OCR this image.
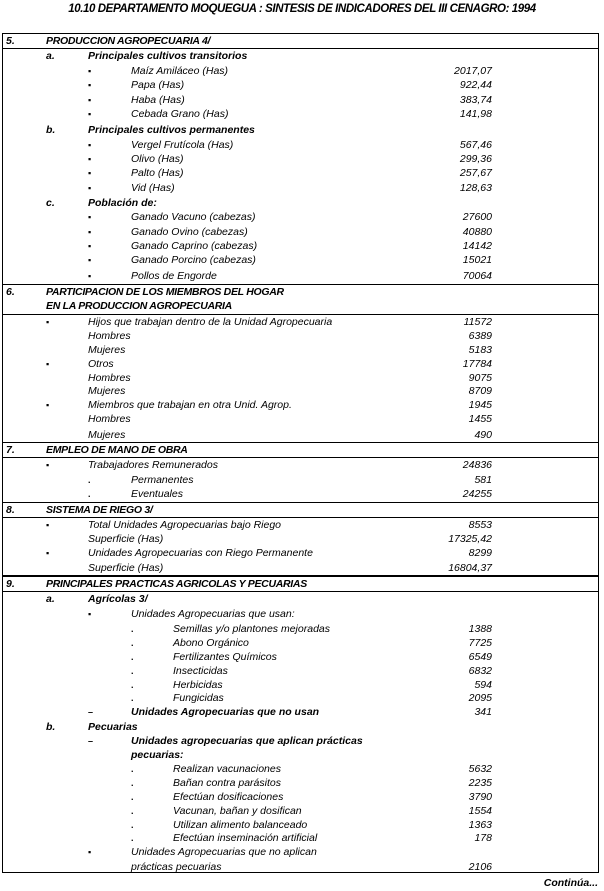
10.10 DEPARTAMENTO MOQUEGUA : SINTESIS DE INDICADORES DEL III CENAGRO: 1994
5.	PRODUCCION AGROPECUARIA 4/
a.	Principales cultivos transitorios
▪	Maíz Amiláceo (Has)	2017,07
▪	Papa (Has)	922,44
▪	Haba (Has)	383,74
▪	Cebada Grano (Has)	141,98
b.	Principales cultivos permanentes
▪	Vergel Frutícola (Has)	567,46
▪	Olivo (Has)	299,36
▪	Palto (Has)	257,67
▪	Vid (Has)	128,63
c.	Población de:
▪	Ganado Vacuno (cabezas)	27600
▪	Ganado Ovino (cabezas)	40880
▪	Ganado Caprino (cabezas)	14142
▪	Ganado Porcino (cabezas)	15021
▪	Pollos de Engorde	70064
6.	PARTICIPACION DE LOS MIEMBROS DEL HOGAR
EN LA PRODUCCION AGROPECUARIA
▪	Hijos que trabajan dentro de la Unidad Agropecuaria	11572
Hombres	6389
Mujeres	5183
▪	Otros	17784
Hombres	9075
Mujeres	8709
▪	Miembros que trabajan en otra Unid. Agrop.	1945
Hombres	1455
Mujeres	490
7.	EMPLEO DE MANO DE OBRA
▪	Trabajadores Remunerados	24836
.	Permanentes	581
.	Eventuales	24255
8.	SISTEMA DE RIEGO 3/
▪	Total Unidades Agropecuarias bajo Riego	8553
Superficie (Has)	17325,42
▪	Unidades Agropecuarias con Riego Permanente	8299
Superficie (Has)	16804,37
9.	PRINCIPALES PRACTICAS AGRICOLAS Y PECUARIAS
a.	Agrícolas 3/
▪	Unidades Agropecuarias que usan:
.	Semillas y/o plantones mejoradas	1388
.	Abono Orgánico	7725
.	Fertilizantes Químicos	6549
.	Insecticidas	6832
.	Herbicidas	594
.	Fungicidas	2095
–	Unidades Agropecuarias que no usan	341
b.	Pecuarias
–	Unidades agropecuarias que aplican prácticas
pecuarias:
.	Realizan vacunaciones	5632
.	Bañan contra parásitos	2235
.	Efectúan dosificaciones	3790
.	Vacunan, bañan y dosifican	1554
.	Utilizan alimento balanceado	1363
.	Efectúan inseminación artificial	178
▪	Unidades Agropecuarias que no aplican
prácticas pecuarias	2106
Continúa...
